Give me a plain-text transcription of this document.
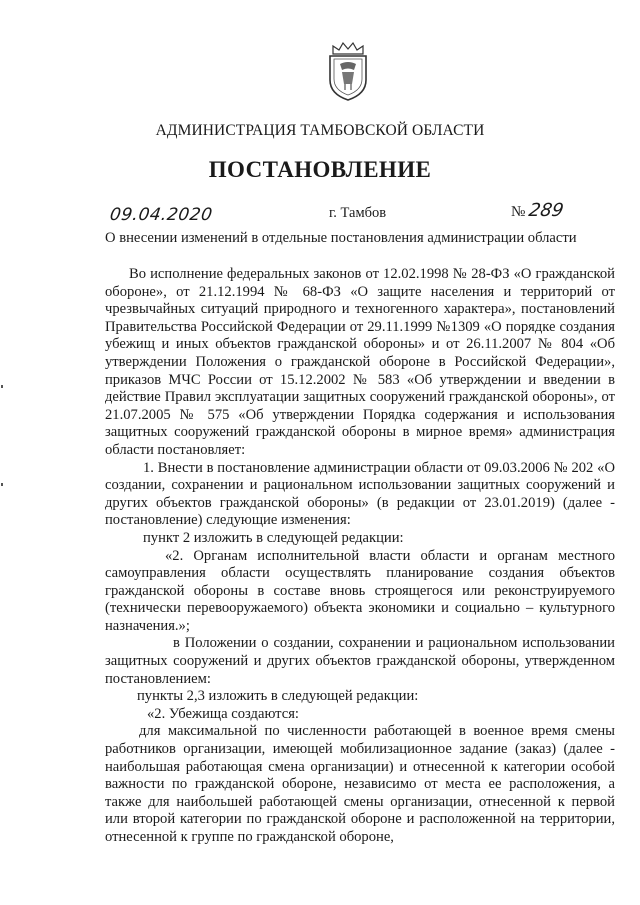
АДМИНИСТРАЦИЯ ТАМБОВСКОЙ ОБЛАСТИ
ПОСТАНОВЛЕНИЕ
09.04.2020	г. Тамбов	№ 289
О внесении изменений в отдельные постановления администрации области

Во исполнение федеральных законов от 12.02.1998 № 28-ФЗ «О гражданской обороне», от 21.12.1994 № 68-ФЗ «О защите населения и территорий от чрезвычайных ситуаций природного и техногенного характера», постановлений Правительства Российской Федерации от 29.11.1999 №1309 «О порядке создания убежищ и иных объектов гражданской обороны» и от 26.11.2007 № 804 «Об утверждении Положения о гражданской обороне в Российской Федерации», приказов МЧС России от 15.12.2002 № 583 «Об утверждении и введении в действие Правил эксплуатации защитных сооружений гражданской обороны», от 21.07.2005 № 575 «Об утверждении Порядка содержания и использования защитных сооружений гражданской обороны в мирное время» администрация области постановляет:

1. Внести в постановление администрации области от 09.03.2006 № 202 «О создании, сохранении и рациональном использовании защитных сооружений и других объектов гражданской обороны» (в редакции от 23.01.2019) (далее - постановление) следующие изменения:

пункт 2 изложить в следующей редакции:

«2. Органам исполнительной власти области и органам местного самоуправления области осуществлять планирование создания объектов гражданской обороны в составе вновь строящегося или реконструируемого (технически перевооружаемого) объекта экономики и социально – культурного назначения.»;

в Положении о создании, сохранении и рациональном использовании защитных сооружений и других объектов гражданской обороны, утвержденном постановлением:

пункты 2,3 изложить в следующей редакции:

«2. Убежища создаются:

для максимальной по численности работающей в военное время смены работников организации, имеющей мобилизационное задание (заказ) (далее - наибольшая работающая смена организации) и отнесенной к категории особой важности по гражданской обороне, независимо от места ее расположения, а также для наибольшей работающей смены организации, отнесенной к первой или второй категории по гражданской обороне и расположенной на территории, отнесенной к группе по гражданской обороне,
